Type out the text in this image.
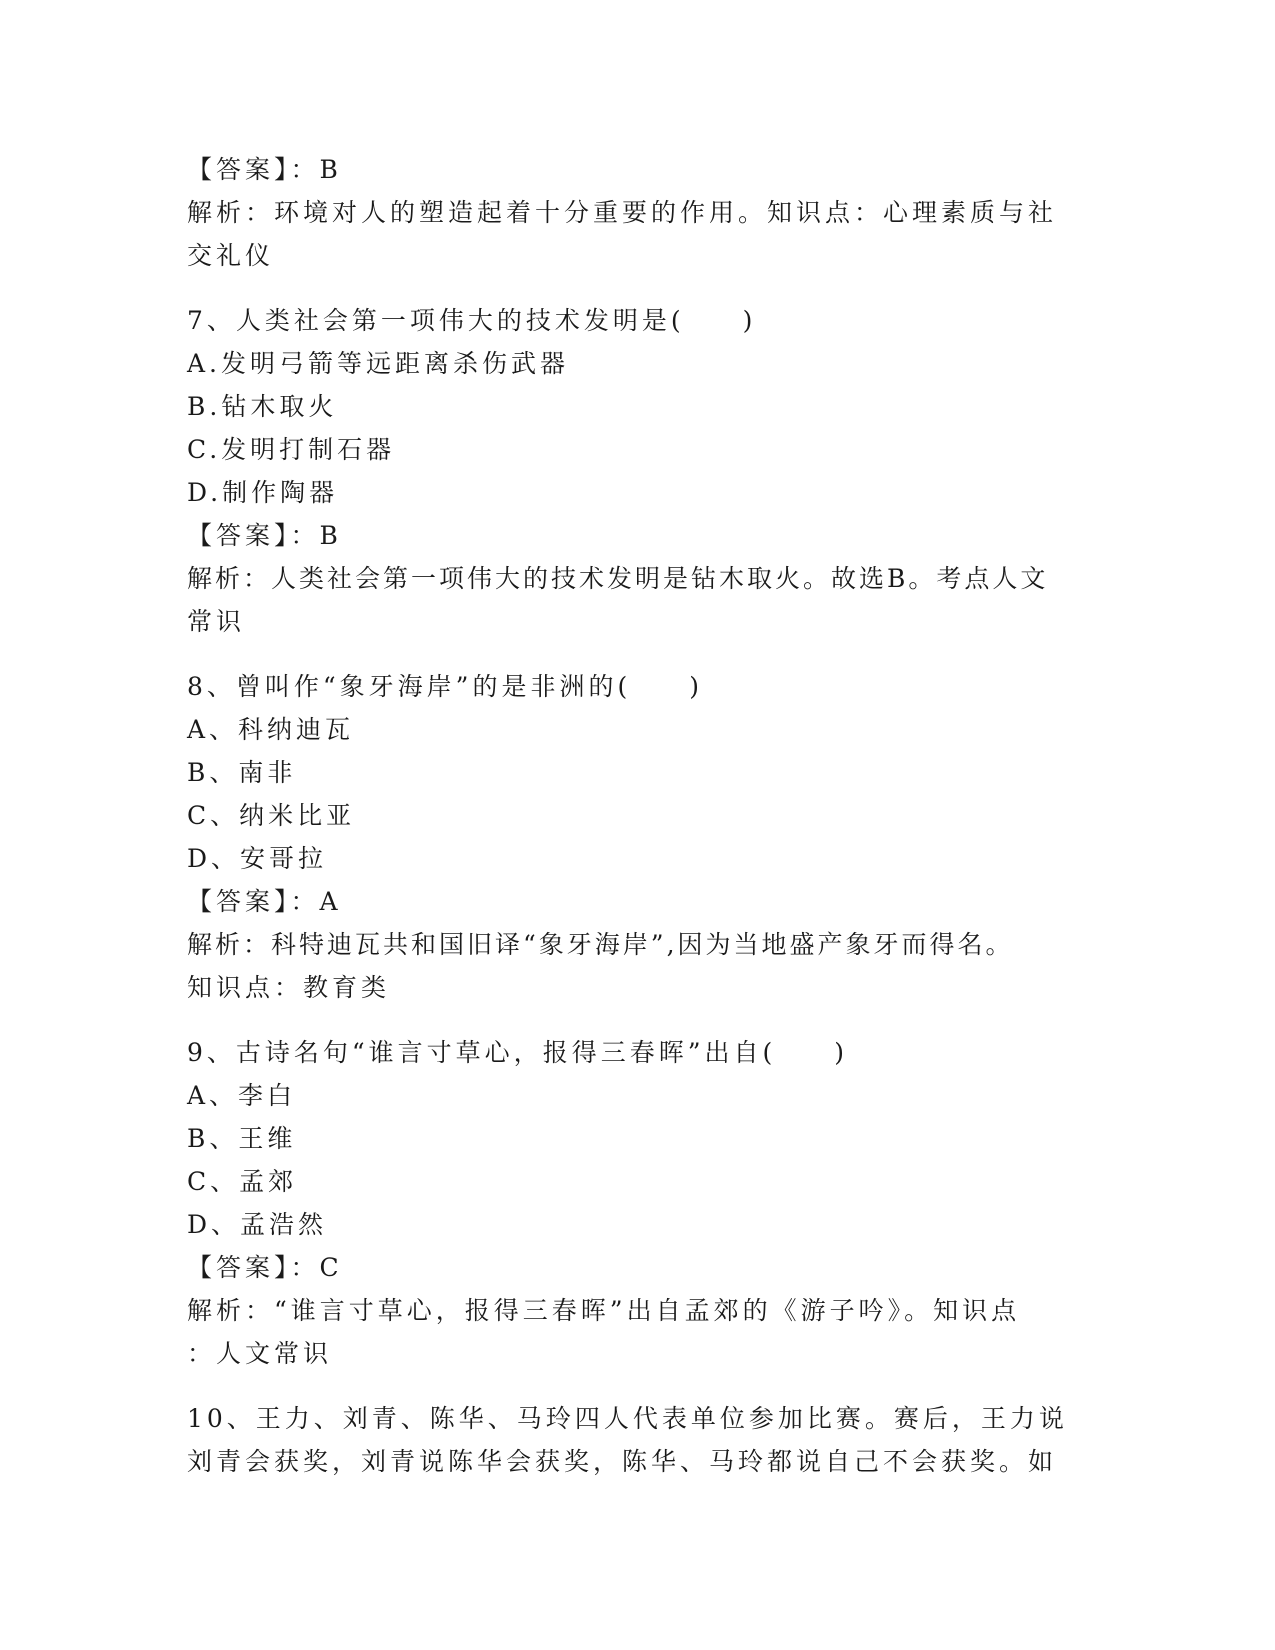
【答案】：B
解析：环境对人的塑造起着十分重要的作用。知识点：心理素质与社
交礼仪
7、人类社会第一项伟大的技术发明是(　　)
A.发明弓箭等远距离杀伤武器
B.钻木取火
C.发明打制石器
D.制作陶器
【答案】：B
解析：人类社会第一项伟大的技术发明是钻木取火。故选B。考点人文
常识
8、曾叫作“象牙海岸”的是非洲的(　　)
A、科纳迪瓦
B、南非
C、纳米比亚
D、安哥拉
【答案】：A
解析：科特迪瓦共和国旧译“象牙海岸”,因为当地盛产象牙而得名。
知识点：教育类
9、古诗名句“谁言寸草心，报得三春晖”出自(　　)
A、李白
B、王维
C、孟郊
D、孟浩然
【答案】：C
解析：“谁言寸草心，报得三春晖”出自孟郊的《游子吟》。知识点
：人文常识
10、王力、刘青、陈华、马玲四人代表单位参加比赛。赛后，王力说
刘青会获奖，刘青说陈华会获奖，陈华、马玲都说自己不会获奖。如
